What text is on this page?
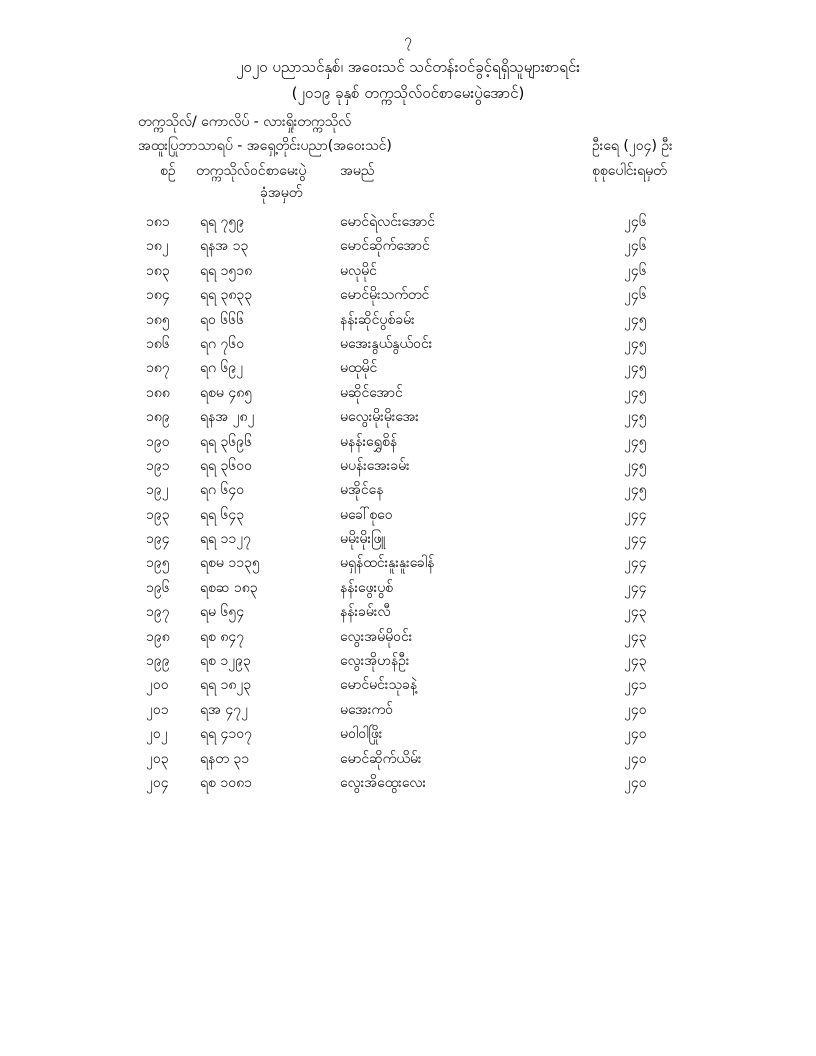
၇
၂၀၂၀ ပညာသင်နှစ်၊ အဝေးသင် သင်တန်းဝင်ခွင့်ရရှိသူများစာရင်း
(၂၀၁၉ ခုနှစ် တက္ကသိုလ်ဝင်စာမေးပွဲအောင်)
တက္ကသိုလ်/ ကောလိပ် - လားရှိုးတက္ကသိုလ်
အထူးပြုဘာသာရပ် - အရှေ့တိုင်းပညာ(အဝေးသင်)	ဦးရေ (၂၀၄) ဦး
စဉ် တက္ကသိုလ်ဝင်စာမေးပွဲ
ခုံအမှတ်
အမည်	စုစုပေါင်းရမှတ်
၁၈၁ ရရ ၇၅၉	မောင်ရဲလင်းအောင်	၂၄၆
၁၈၂ ရနအ ၁၃	မောင်ဆိုက်အောင်	၂၄၆
၁၈၃ ရရ ၁၅၁၈	မလုမိုင်	၂၄၆
၁၈၄ ရရ ၃၈၃၃	မောင်မိုးသက်တင်	၂၄၆
၁၈၅ ရဝ ၆၆၆	နန်းဆိုင်ပွစ်ခမ်း	၂၄၅
၁၈၆ ရဂ ၇၆၀	မအေးနွယ်နွယ်ဝင်း	၂၄၅
၁၈၇ ရဂ ၆၉၂	မထုမိုင်	၂၄၅
၁၈၈ ရစမ ၄၈၅	မဆိုင်အောင်	၂၄၅
၁၈၉ ရနအ ၂၈၂	မလွေးမိုးမိုးအေး	၂၄၅
၁၉၀ ရရ ၃၆၉၆	မနန်းရွှေစိန်	၂၄၅
၁၉၁ ရရ ၃၆၀၀	မပန်းအေးခမ်း	၂၄၅
၁၉၂ ရဂ ၆၄၀	မအိုင်နေ	၂၄၅
၁၉၃ ရရ ၆၄၃	မခေါ်စုဝေ	၂၄၄
၁၉၄ ရရ ၁၁၂၇	မမိုးမိုးဖြူ	၂၄၄
၁၉၅ ရစမ ၁၁၃၅	မရှန်ထင်းနူးနူးခေါန်	၂၄၄
၁၉၆ ရစဆ ၁၈၃	နန်းဖွေးပွစ်	၂၄၄
၁၉၇ ရမ ၆၅၄	နန်းခမ်းလီ	၂၄၃
၁၉၈ ရစ ၈၄၇	လွေးအမ်မိုဝင်း	၂၄၃
၁၉၉ ရစ ၁၂၉၃	လွေးအိုဟန်ဦး	၂၄၃
၂၀၀ ရရ ၁၈၂၃	မောင်မင်းသုခနဲ့	၂၄၁
၂၀၁ ရအ ၄၇၂	မအေးကဝ်	၂၄၀
၂၀၂ ရရ ၄၁၀၇	မဝါဝါဖြိုး	၂၄၀
၂၀၃ ရနတ ၃၁	မောင်ဆိုက်ယိမ်း	၂၄၀
၂၀၄ ရစ ၁၀၈၁	လွေးအိထွေးလေး	၂၄၀
